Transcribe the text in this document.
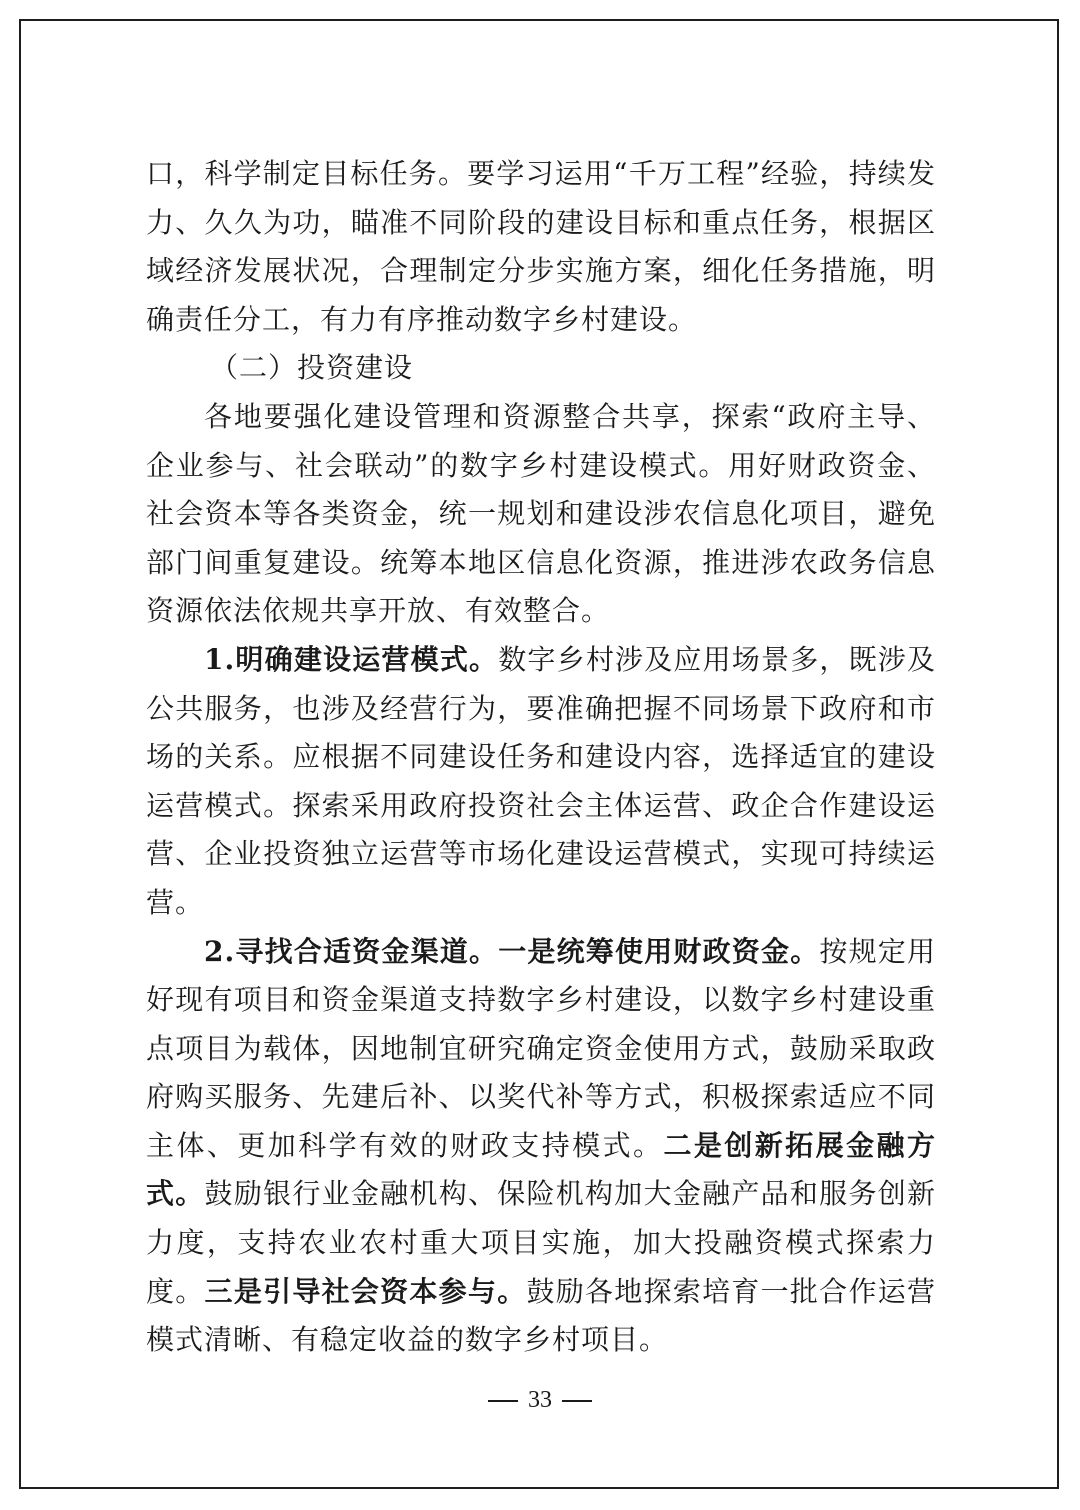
口，科学制定目标任务。要学习运用“千万工程”经验，持续发力、久久为功，瞄准不同阶段的建设目标和重点任务，根据区域经济发展状况，合理制定分步实施方案，细化任务措施，明确责任分工，有力有序推动数字乡村建设。

（二）投资建设

各地要强化建设管理和资源整合共享，探索“政府主导、企业参与、社会联动”的数字乡村建设模式。用好财政资金、社会资本等各类资金，统一规划和建设涉农信息化项目，避免部门间重复建设。统筹本地区信息化资源，推进涉农政务信息资源依法依规共享开放、有效整合。

1.明确建设运营模式。数字乡村涉及应用场景多，既涉及公共服务，也涉及经营行为，要准确把握不同场景下政府和市场的关系。应根据不同建设任务和建设内容，选择适宜的建设运营模式。探索采用政府投资社会主体运营、政企合作建设运营、企业投资独立运营等市场化建设运营模式，实现可持续运营。

2.寻找合适资金渠道。一是统筹使用财政资金。按规定用好现有项目和资金渠道支持数字乡村建设，以数字乡村建设重点项目为载体，因地制宜研究确定资金使用方式，鼓励采取政府购买服务、先建后补、以奖代补等方式，积极探索适应不同主体、更加科学有效的财政支持模式。二是创新拓展金融方式。鼓励银行业金融机构、保险机构加大金融产品和服务创新力度，支持农业农村重大项目实施，加大投融资模式探索力度。三是引导社会资本参与。鼓励各地探索培育一批合作运营模式清晰、有稳定收益的数字乡村项目。

33
